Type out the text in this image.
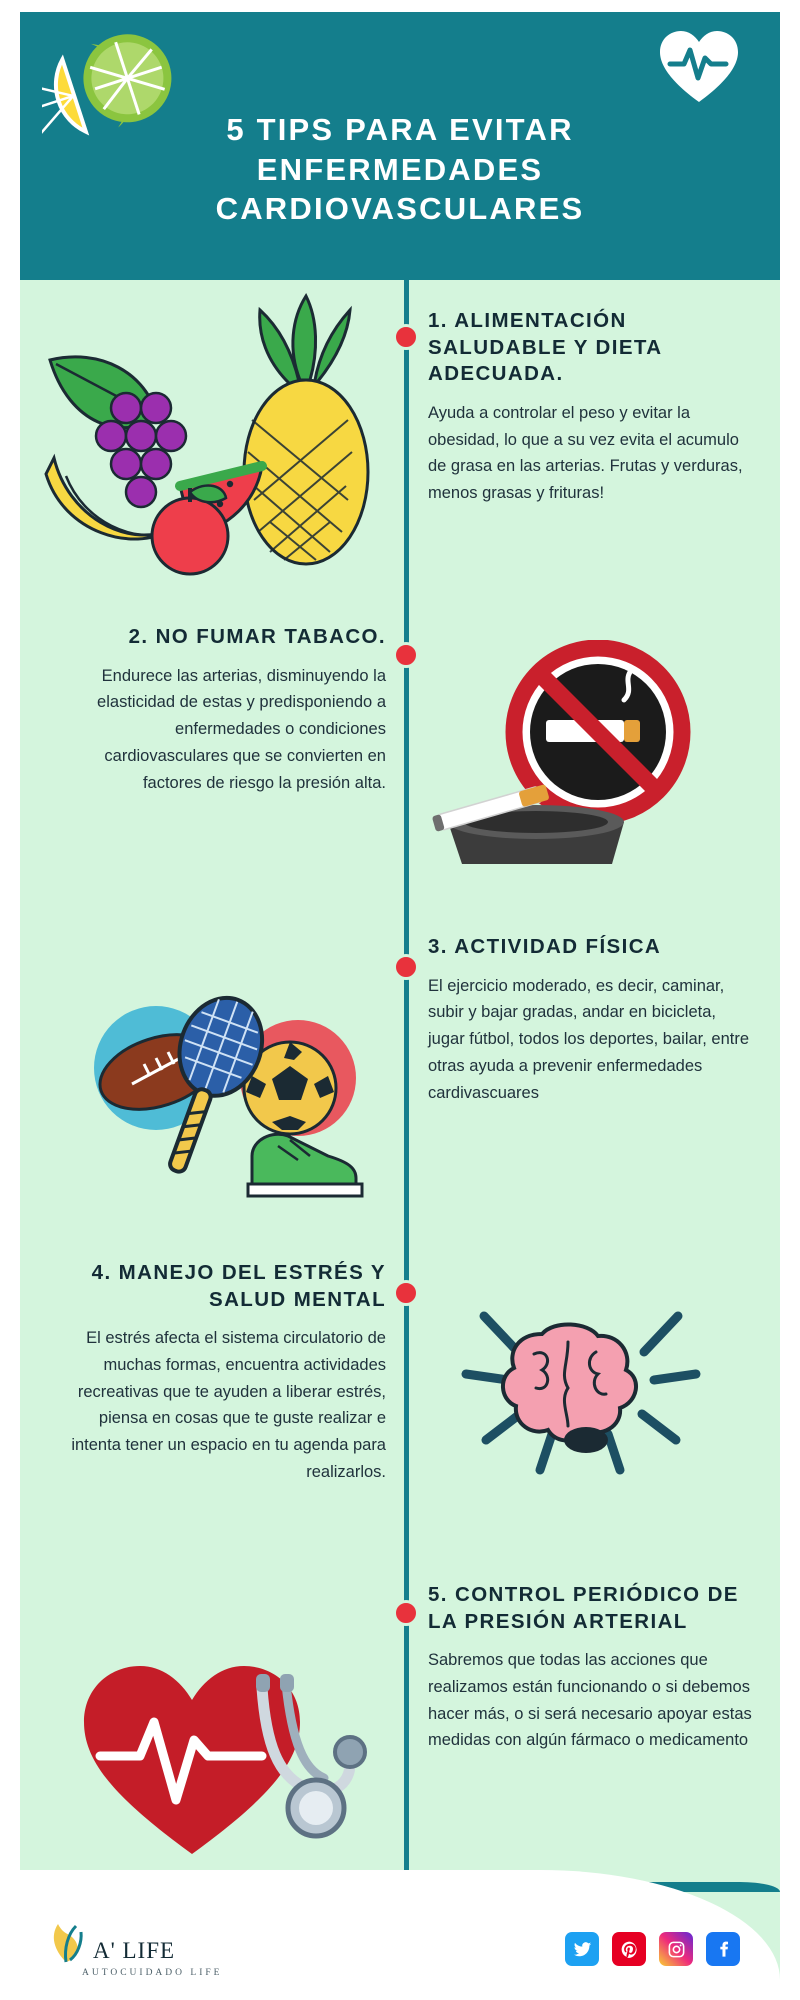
5 TIPS PARA EVITAR ENFERMEDADES CARDIOVASCULARES
1. ALIMENTACIÓN SALUDABLE Y DIETA ADECUADA.

Ayuda a controlar el peso y evitar la obesidad, lo que a su vez evita el acumulo de grasa en las arterias. Frutas y verduras, menos grasas y frituras!

2. NO FUMAR TABACO.

Endurece las arterias, disminuyendo la elasticidad de estas y predisponiendo a enfermedades o condiciones cardiovasculares que se convierten en factores de riesgo la presión alta.

3. ACTIVIDAD FÍSICA

El ejercicio moderado, es decir, caminar, subir y bajar gradas, andar en bicicleta, jugar fútbol, todos los deportes, bailar, entre otras ayuda a prevenir enfermedades cardivascuares

4. MANEJO DEL ESTRÉS Y SALUD MENTAL

El estrés afecta el sistema circulatorio de muchas formas, encuentra actividades recreativas que te ayuden a liberar estrés, piensa en cosas que te guste realizar e intenta tener un espacio en tu agenda para realizarlos.

5. CONTROL PERIÓDICO DE LA PRESIÓN ARTERIAL

Sabremos que todas las acciones que realizamos están funcionando o si debemos hacer más, o si será necesario apoyar estas medidas con algún fármaco o medicamento

A' LIFE
AUTOCUIDADO LIFE
